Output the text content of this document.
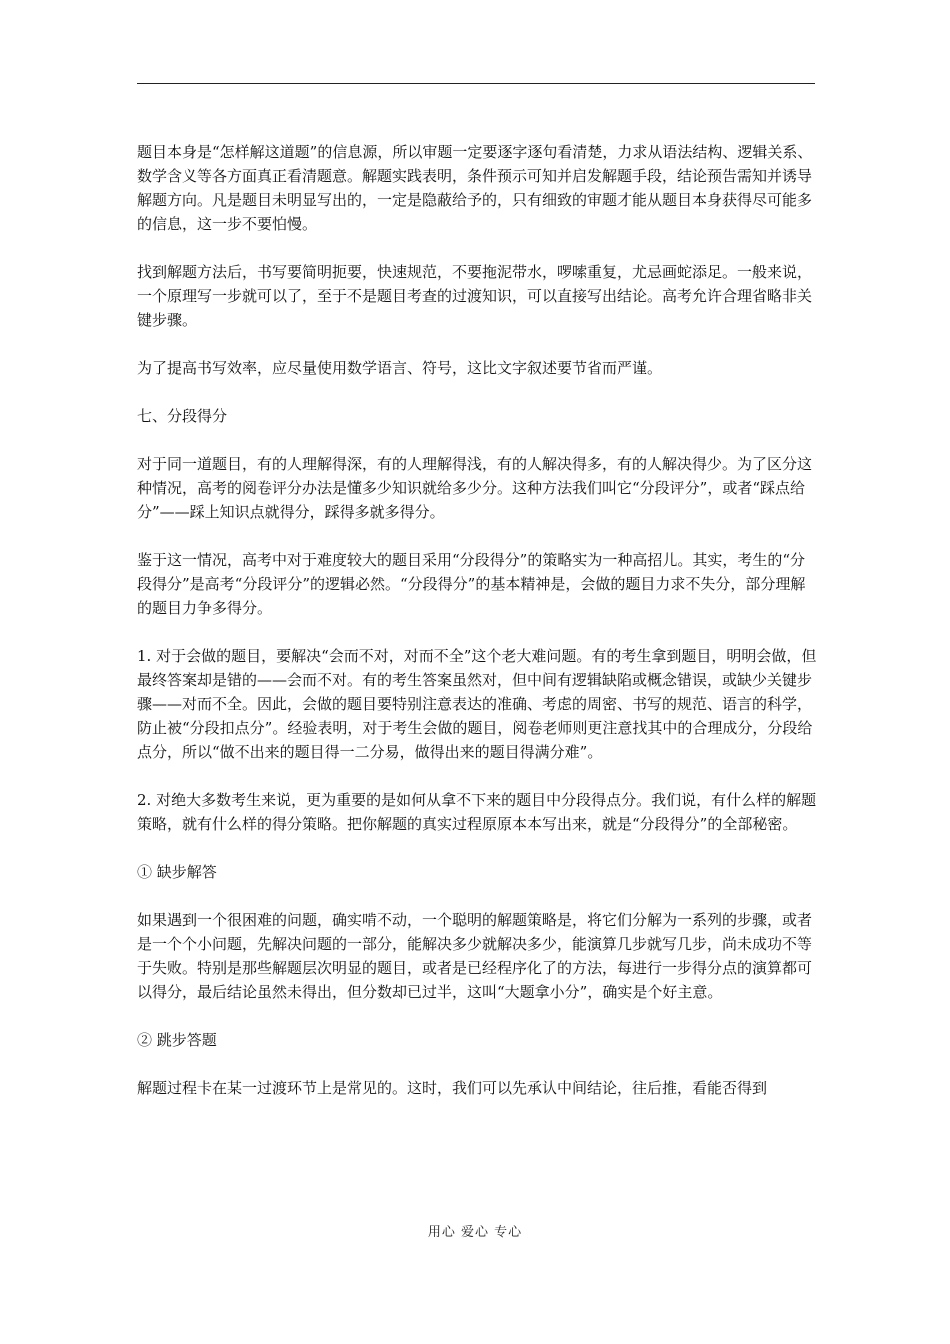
题目本身是“怎样解这道题”的信息源，所以审题一定要逐字逐句看清楚，力求从语法结构、逻辑关系、数学含义等各方面真正看清题意。解题实践表明，条件预示可知并启发解题手段，结论预告需知并诱导解题方向。凡是题目未明显写出的，一定是隐蔽给予的，只有细致的审题才能从题目本身获得尽可能多的信息，这一步不要怕慢。

找到解题方法后，书写要简明扼要，快速规范，不要拖泥带水，啰嗦重复，尤忌画蛇添足。一般来说，一个原理写一步就可以了，至于不是题目考查的过渡知识，可以直接写出结论。高考允许合理省略非关键步骤。

为了提高书写效率，应尽量使用数学语言、符号，这比文字叙述要节省而严谨。

七、分段得分

对于同一道题目，有的人理解得深，有的人理解得浅，有的人解决得多，有的人解决得少。为了区分这种情况，高考的阅卷评分办法是懂多少知识就给多少分。这种方法我们叫它“分段评分”，或者“踩点给分”——踩上知识点就得分，踩得多就多得分。

鉴于这一情况，高考中对于难度较大的题目采用“分段得分”的策略实为一种高招儿。其实，考生的“分段得分”是高考“分段评分”的逻辑必然。“分段得分”的基本精神是，会做的题目力求不失分，部分理解的题目力争多得分。

1. 对于会做的题目，要解决“会而不对，对而不全”这个老大难问题。有的考生拿到题目，明明会做，但最终答案却是错的——会而不对。有的考生答案虽然对，但中间有逻辑缺陷或概念错误，或缺少关键步骤——对而不全。因此，会做的题目要特别注意表达的准确、考虑的周密、书写的规范、语言的科学，防止被“分段扣点分”。经验表明，对于考生会做的题目，阅卷老师则更注意找其中的合理成分，分段给点分，所以“做不出来的题目得一二分易，做得出来的题目得满分难”。

2. 对绝大多数考生来说，更为重要的是如何从拿不下来的题目中分段得点分。我们说，有什么样的解题策略，就有什么样的得分策略。把你解题的真实过程原原本本写出来，就是“分段得分”的全部秘密。

① 缺步解答

如果遇到一个很困难的问题，确实啃不动，一个聪明的解题策略是，将它们分解为一系列的步骤，或者是一个个小问题，先解决问题的一部分，能解决多少就解决多少，能演算几步就写几步，尚未成功不等于失败。特别是那些解题层次明显的题目，或者是已经程序化了的方法，每进行一步得分点的演算都可以得分，最后结论虽然未得出，但分数却已过半，这叫“大题拿小分”，确实是个好主意。

② 跳步答题

解题过程卡在某一过渡环节上是常见的。这时，我们可以先承认中间结论，往后推，看能否得到

用心 爱心 专心
